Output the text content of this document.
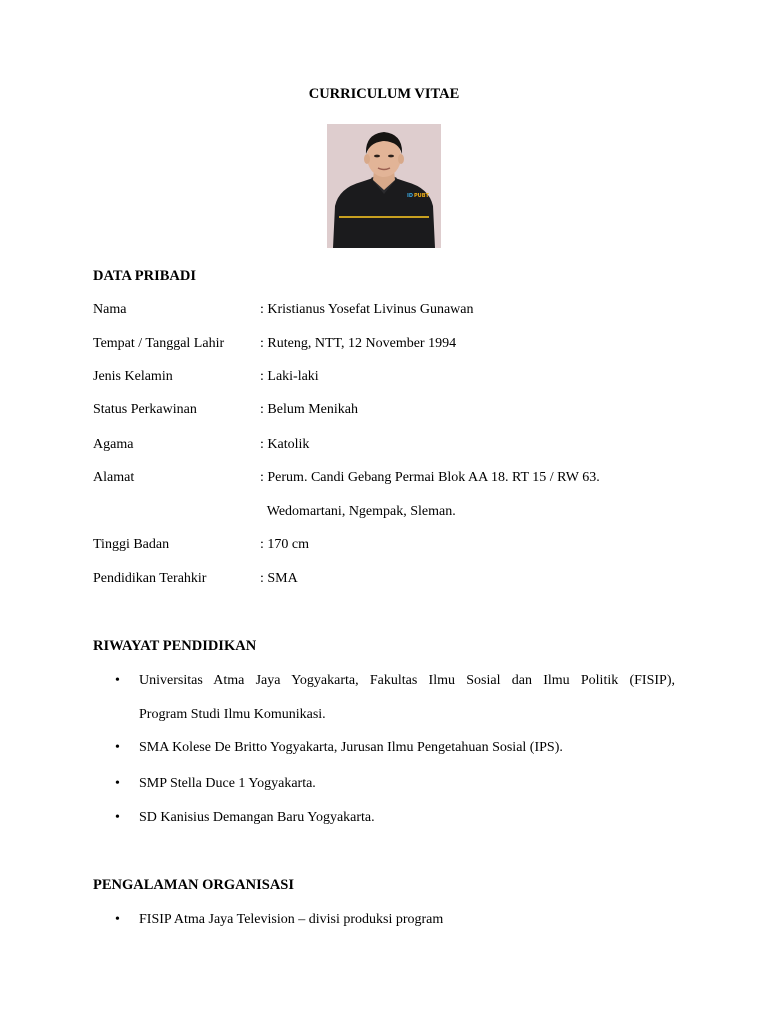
CURRICULUM VITAE
ID PUBT
DATA PRIBADI
Nama	: Kristianus Yosefat Livinus Gunawan
Tempat / Tanggal Lahir	: Ruteng, NTT, 12 November 1994
Jenis Kelamin	: Laki-laki
Status Perkawinan	: Belum Menikah
Agama	: Katolik
Alamat	: Perum. Candi Gebang Permai Blok AA 18. RT 15 / RW 63.
Wedomartani, Ngempak, Sleman.
Tinggi Badan	: 170 cm
Pendidikan Terahkir	: SMA
RIWAYAT PENDIDIKAN
• Universitas Atma Jaya Yogyakarta, Fakultas Ilmu Sosial dan Ilmu Politik (FISIP),
Program Studi Ilmu Komunikasi.
• SMA Kolese De Britto Yogyakarta, Jurusan Ilmu Pengetahuan Sosial (IPS).
• SMP Stella Duce 1 Yogyakarta.
• SD Kanisius Demangan Baru Yogyakarta.
PENGALAMAN ORGANISASI
• FISIP Atma Jaya Television – divisi produksi program
